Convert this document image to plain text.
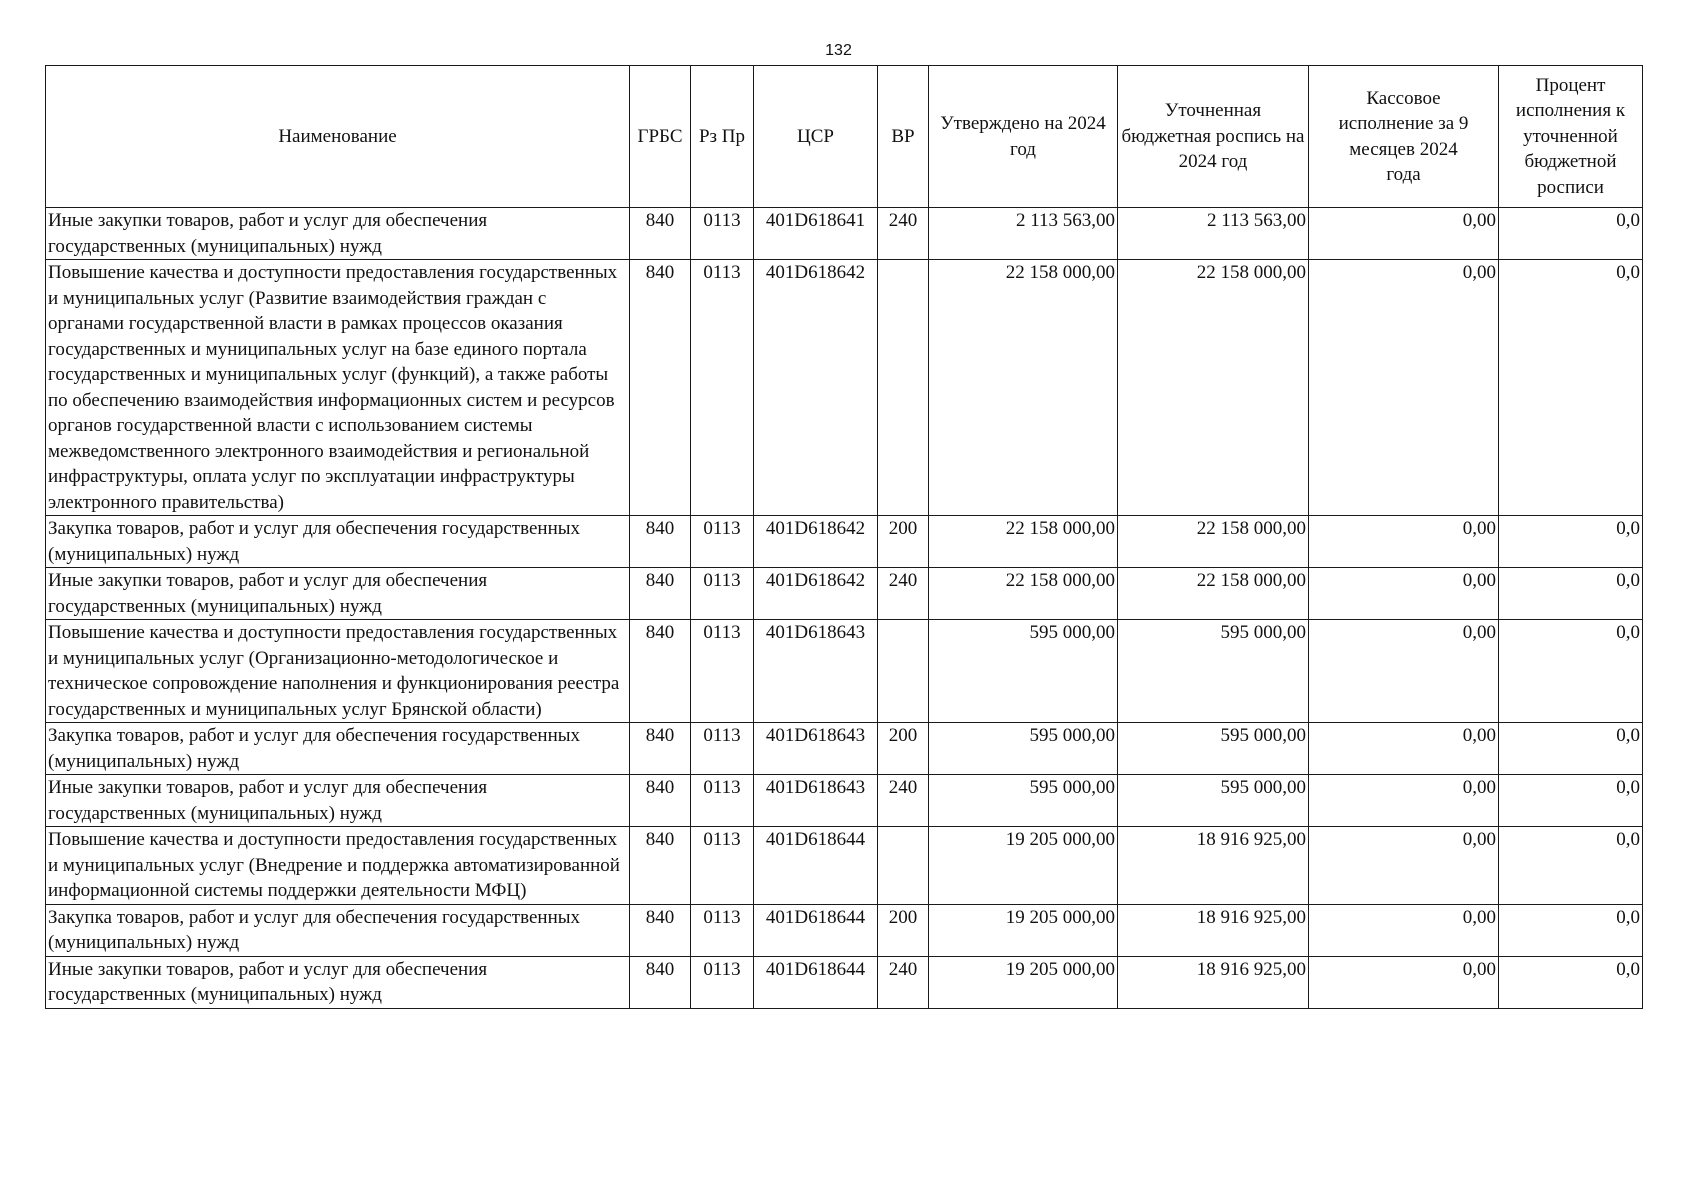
132
Наименование	ГРБС	Рз Пр	ЦСР	ВР	Утверждено на 2024 год	Уточненная бюджетная роспись на 2024 год	Кассовое исполнение за 9 месяцев 2024 года	Процент исполнения к уточненной бюджетной росписи
Иные закупки товаров, работ и услуг для обеспечения государственных (муниципальных) нужд	840	0113	401D618641	240	2 113 563,00	2 113 563,00	0,00	0,0
Повышение качества и доступности предоставления государственных и муниципальных услуг (Развитие взаимодействия граждан с органами государственной власти в рамках процессов оказания государственных и муниципальных услуг на базе единого портала государственных и муниципальных услуг (функций), а также работы по обеспечению взаимодействия информационных систем и ресурсов органов государственной власти с использованием системы межведомственного электронного взаимодействия и региональной инфраструктуры, оплата услуг по эксплуатации инфраструктуры электронного правительства)	840	0113	401D618642		22 158 000,00	22 158 000,00	0,00	0,0
Закупка товаров, работ и услуг для обеспечения государственных (муниципальных) нужд	840	0113	401D618642	200	22 158 000,00	22 158 000,00	0,00	0,0
Иные закупки товаров, работ и услуг для обеспечения государственных (муниципальных) нужд	840	0113	401D618642	240	22 158 000,00	22 158 000,00	0,00	0,0
Повышение качества и доступности предоставления государственных и муниципальных услуг (Организационно-методологическое и техническое сопровождение наполнения и функционирования реестра государственных и муниципальных услуг Брянской области)	840	0113	401D618643		595 000,00	595 000,00	0,00	0,0
Закупка товаров, работ и услуг для обеспечения государственных (муниципальных) нужд	840	0113	401D618643	200	595 000,00	595 000,00	0,00	0,0
Иные закупки товаров, работ и услуг для обеспечения государственных (муниципальных) нужд	840	0113	401D618643	240	595 000,00	595 000,00	0,00	0,0
Повышение качества и доступности предоставления государственных и муниципальных услуг (Внедрение и поддержка автоматизированной информационной системы поддержки деятельности МФЦ)	840	0113	401D618644		19 205 000,00	18 916 925,00	0,00	0,0
Закупка товаров, работ и услуг для обеспечения государственных (муниципальных) нужд	840	0113	401D618644	200	19 205 000,00	18 916 925,00	0,00	0,0
Иные закупки товаров, работ и услуг для обеспечения государственных (муниципальных) нужд	840	0113	401D618644	240	19 205 000,00	18 916 925,00	0,00	0,0
